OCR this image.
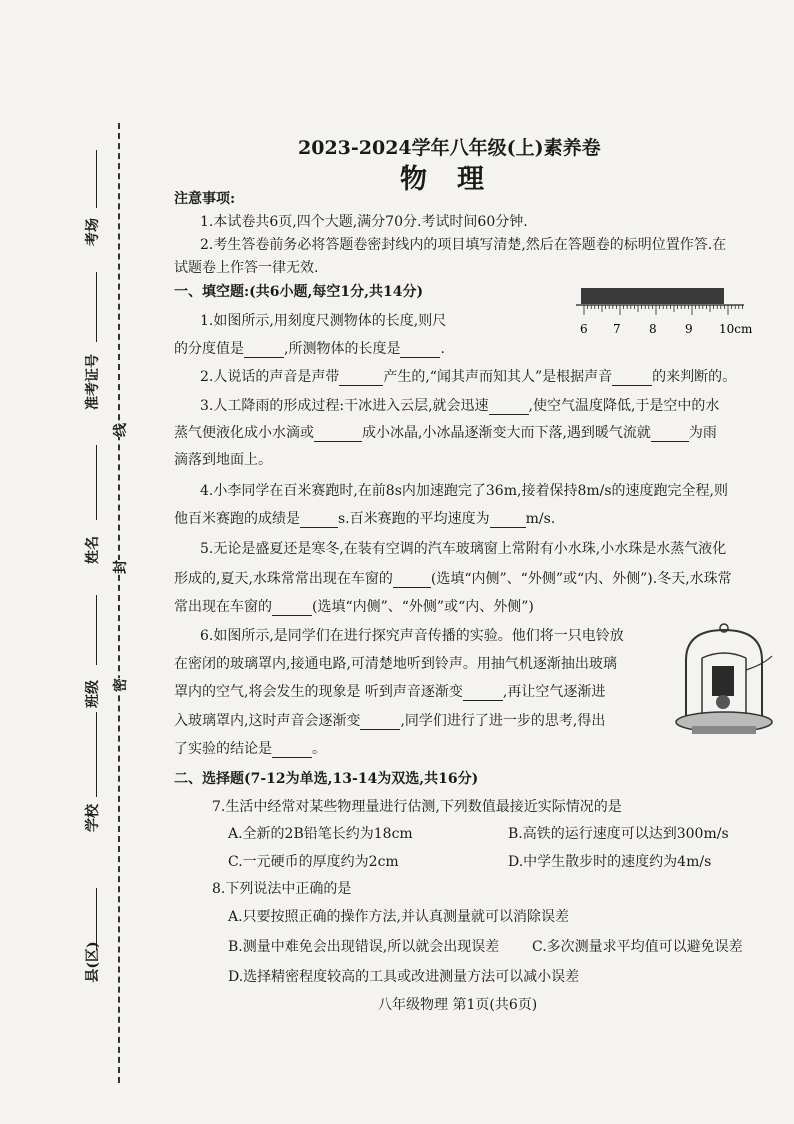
考场
准考证号
姓名
班级
学校
县(区)
线
封
密
2023-2024学年八年级(上)素养卷
物理
注意事项:
1.本试卷共6页,四个大题,满分70分.考试时间60分钟.
2.考生答卷前务必将答题卷密封线内的项目填写清楚,然后在答题卷的标明位置作答.在
试题卷上作答一律无效.
一、填空题:(共6小题,每空1分,共14分)
1.如图所示,用刻度尺测物体的长度,则尺
的分度值是	,所测物体的长度是	.
6 7 8 9 10cm
2.人说话的声音是声带	产生的,“闻其声而知其人”是根据声音	的来判断的。
3.人工降雨的形成过程:干冰进入云层,就会迅速	,使空气温度降低,于是空中的水
蒸气便液化成小水滴或	成小冰晶,小冰晶逐渐变大而下落,遇到暖气流就	为雨
滴落到地面上。
4.小李同学在百米赛跑时,在前8s内加速跑完了36m,接着保持8m/s的速度跑完全程,则
他百米赛跑的成绩是	s.百米赛跑的平均速度为	m/s.
5.无论是盛夏还是寒冬,在装有空调的汽车玻璃窗上常附有小水珠,小水珠是水蒸气液化
形成的,夏天,水珠常常出现在车窗的	(选填“内侧”、“外侧”或“内、外侧”).冬天,水珠常
常出现在车窗的	(选填“内侧”、“外侧”或“内、外侧”)
6.如图所示,是同学们在进行探究声音传播的实验。他们将一只电铃放
在密闭的玻璃罩内,接通电路,可清楚地听到铃声。用抽气机逐渐抽出玻璃
罩内的空气,将会发生的现象是 听到声音逐渐变	,再让空气逐渐进
入玻璃罩内,这时声音会逐渐变	,同学们进行了进一步的思考,得出
了实验的结论是	。
二、选择题(7-12为单选,13-14为双选,共16分)
7.生活中经常对某些物理量进行估测,下列数值最接近实际情况的是
A.全新的2B铅笔长约为18cm	B.高铁的运行速度可以达到300m/s
C.一元硬币的厚度约为2cm	D.中学生散步时的速度约为4m/s
8.下列说法中正确的是
A.只要按照正确的操作方法,并认真测量就可以消除误差
B.测量中难免会出现错误,所以就会出现误差 C.多次测量求平均值可以避免误差
D.选择精密程度较高的工具或改进测量方法可以减小误差
八年级物理 第1页(共6页)
